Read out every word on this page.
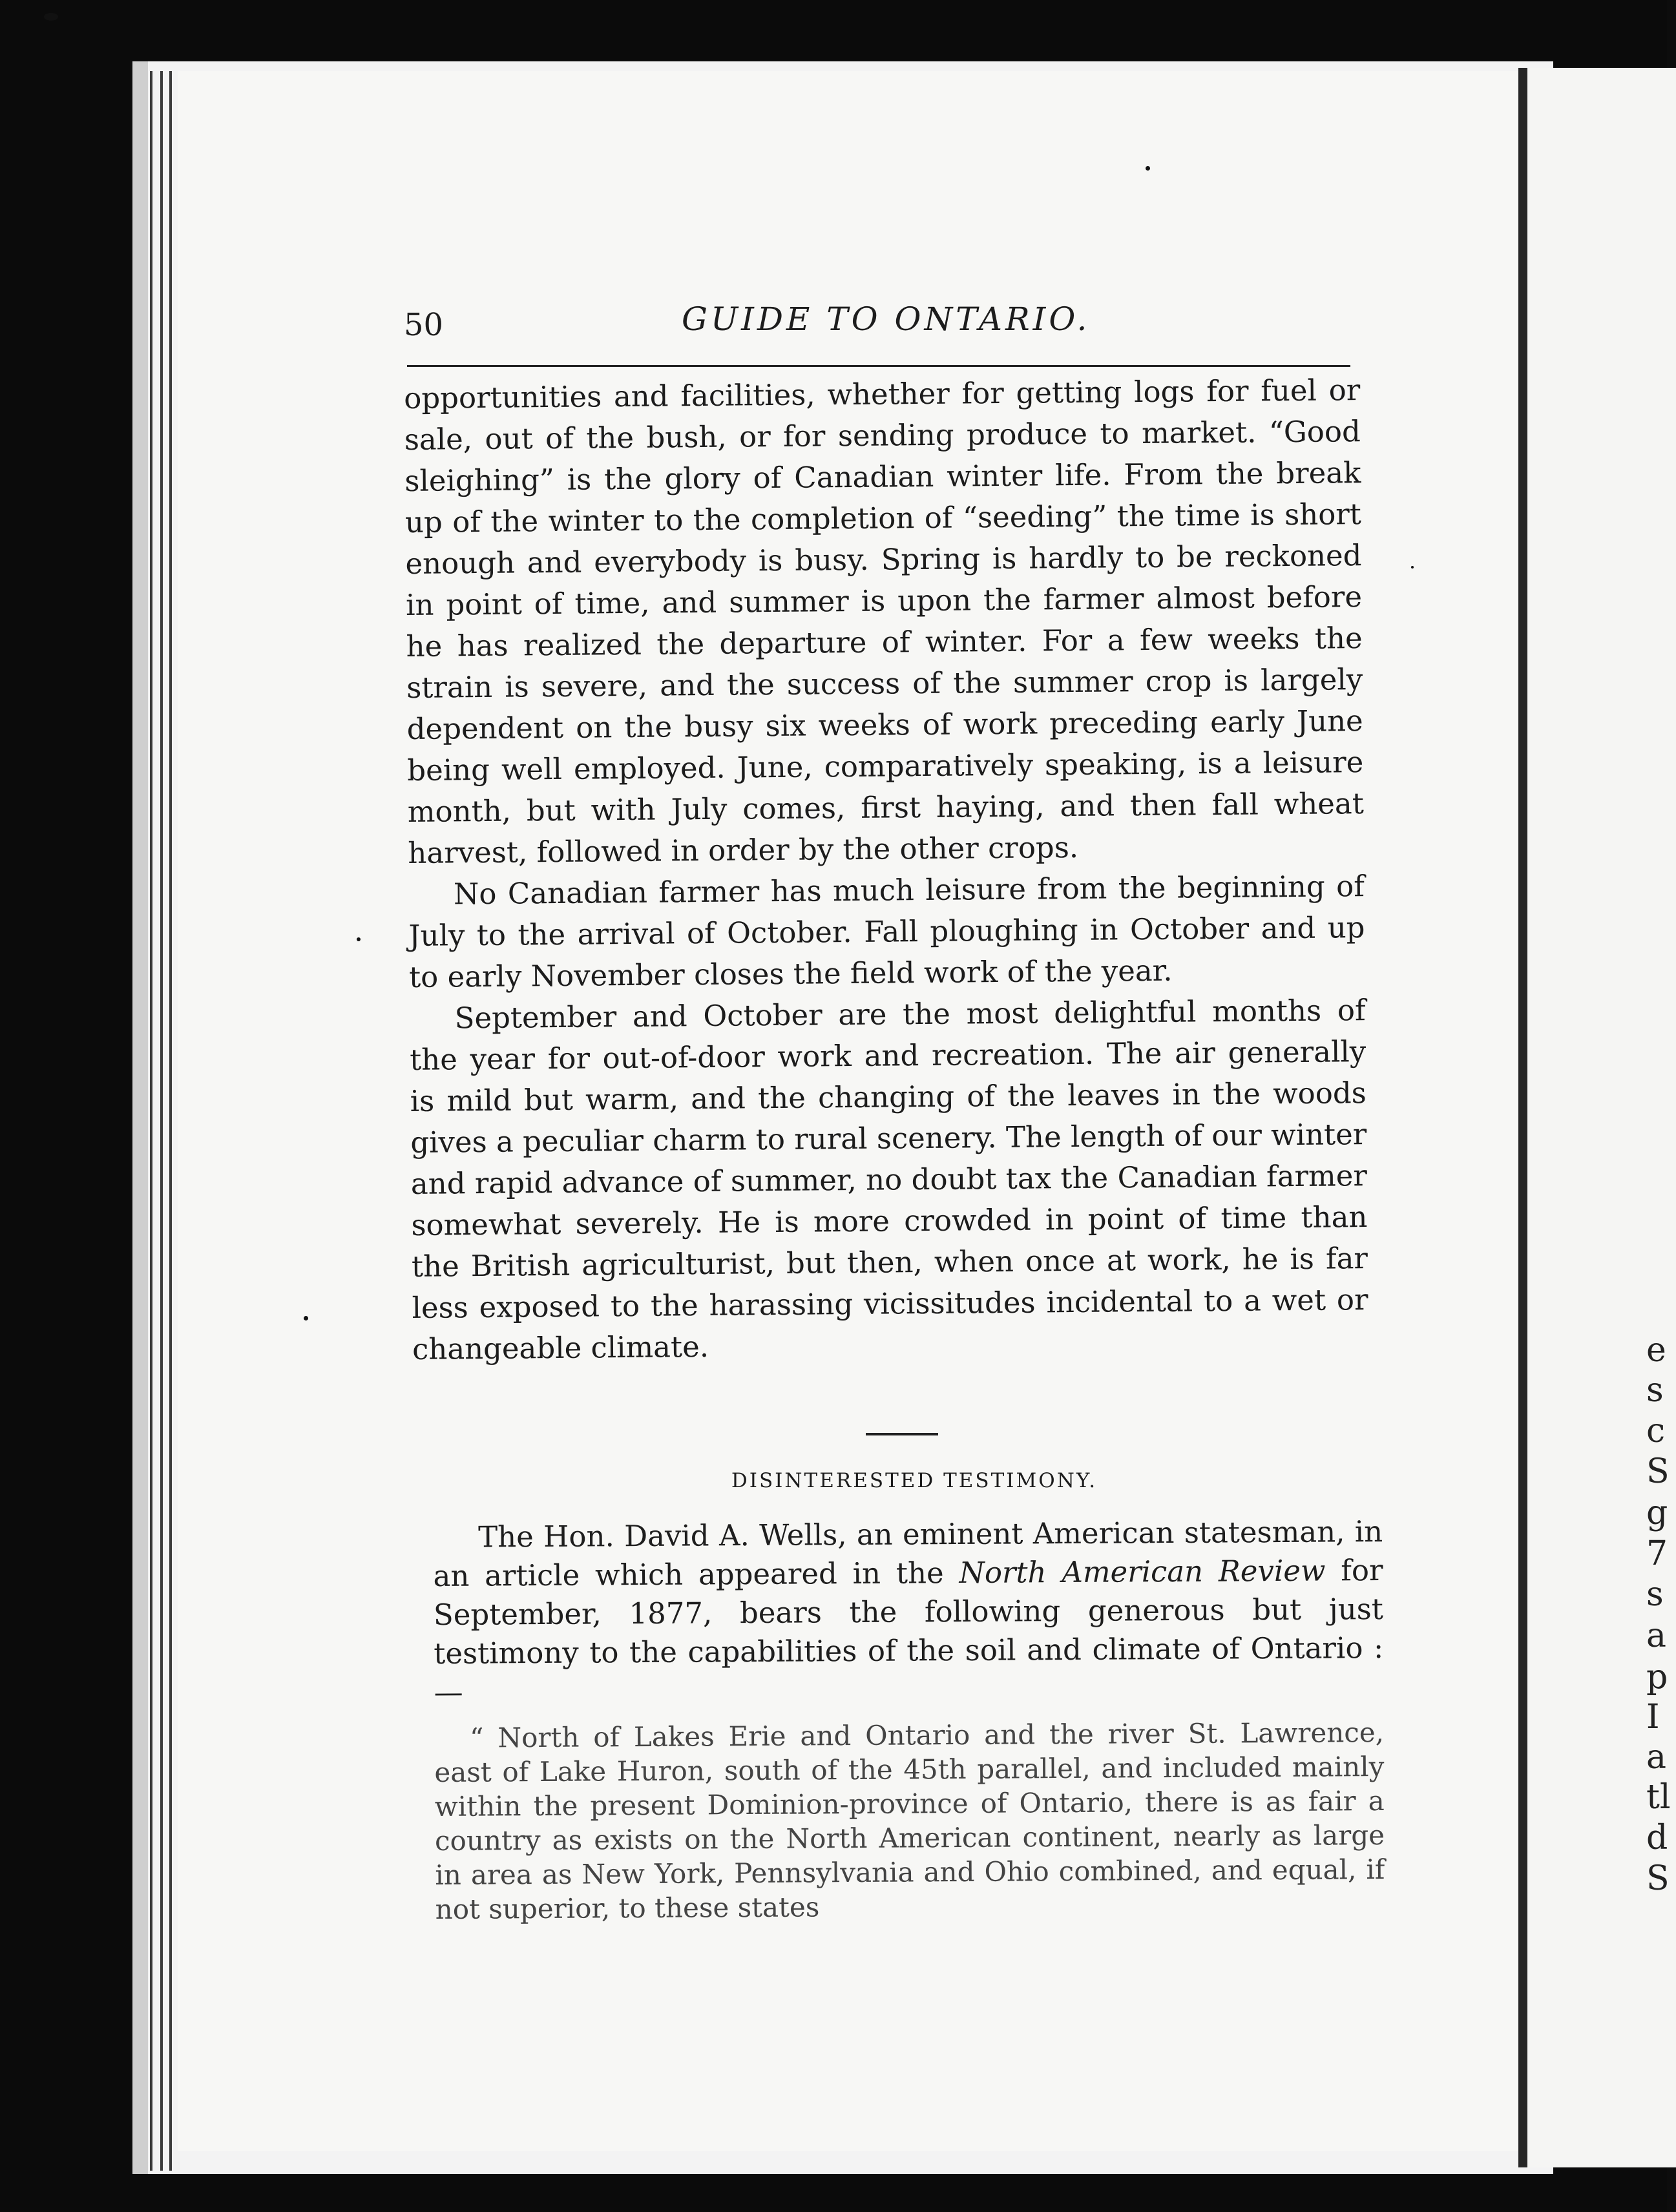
e
s
c
S
g
7
s
a
p
I
a
tl
d
S
50	GUIDE TO ONTARIO.

opportunities and facilities, whether for getting logs for fuel or sale, out of the bush, or for sending produce to market. “Good sleighing” is the glory of Canadian winter life. From the break up of the winter to the completion of “seeding” the time is short enough and everybody is busy. Spring is hardly to be reckoned in point of time, and summer is upon the farmer almost before he has realized the departure of winter. For a few weeks the strain is severe, and the success of the summer crop is largely dependent on the busy six weeks of work preceding early June being well employed. June, comparatively speaking, is a leisure month, but with July comes, first haying, and then fall wheat harvest, followed in order by the other crops.

No Canadian farmer has much leisure from the beginning of July to the arrival of October. Fall ploughing in October and up to early November closes the field work of the year.

September and October are the most delightful months of the year for out-of-door work and recreation. The air generally is mild but warm, and the changing of the leaves in the woods gives a peculiar charm to rural scenery. The length of our winter and rapid advance of summer, no doubt tax the Canadian farmer somewhat severely. He is more crowded in point of time than the British agriculturist, but then, when once at work, he is far less exposed to the harassing vicissitudes incidental to a wet or changeable climate.

DISINTERESTED TESTIMONY.

The Hon. David A. Wells, an eminent American statesman, in an article which appeared in the North American Review for September, 1877, bears the following generous but just testimony to the capabilities of the soil and climate of Ontario :—

“ North of Lakes Erie and Ontario and the river St. Lawrence, east of Lake Huron, south of the 45th parallel, and included mainly within the present Dominion-province of Ontario, there is as fair a country as exists on the North American continent, nearly as large in area as New York, Pennsylvania and Ohio combined, and equal, if not superior, to these states
